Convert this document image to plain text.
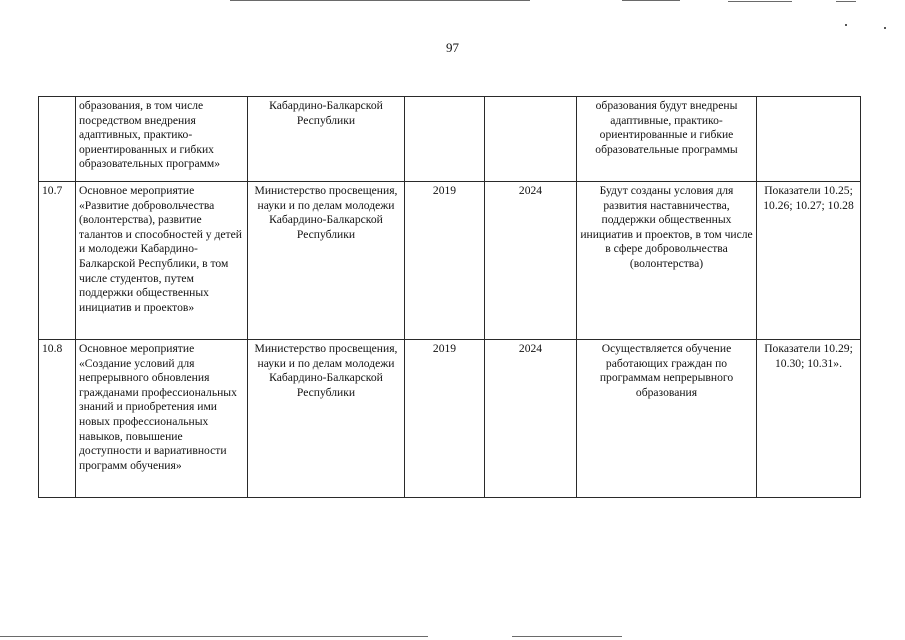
97
	образования, в том числе посредством внедрения адаптивных, практико-ориентированных и гибких образовательных программ»	Кабардино-Балкарской Республики			образования будут внедрены адаптивные, практико-ориентированные и гибкие образовательные программы	
10.7	Основное мероприятие «Развитие добровольчества (волонтерства), развитие талантов и способностей у детей и молодежи Кабардино-Балкарской Республики, в том числе студентов, путем поддержки общественных инициатив и проектов»	Министерство просвещения, науки и по делам молодежи Кабардино-Балкарской Республики	2019	2024	Будут созданы условия для развития наставничества, поддержки общественных инициатив и проектов, в том числе в сфере добровольчества (волонтерства)	Показатели 10.25; 10.26; 10.27; 10.28
10.8	Основное мероприятие «Создание условий для непрерывного обновления гражданами профессиональных знаний и приобретения ими новых профессиональных навыков, повышение доступности и вариативности программ обучения»	Министерство просвещения, науки и по делам молодежи Кабардино-Балкарской Республики	2019	2024	Осуществляется обучение работающих граждан по программам непрерывного образования	Показатели 10.29; 10.30; 10.31».
